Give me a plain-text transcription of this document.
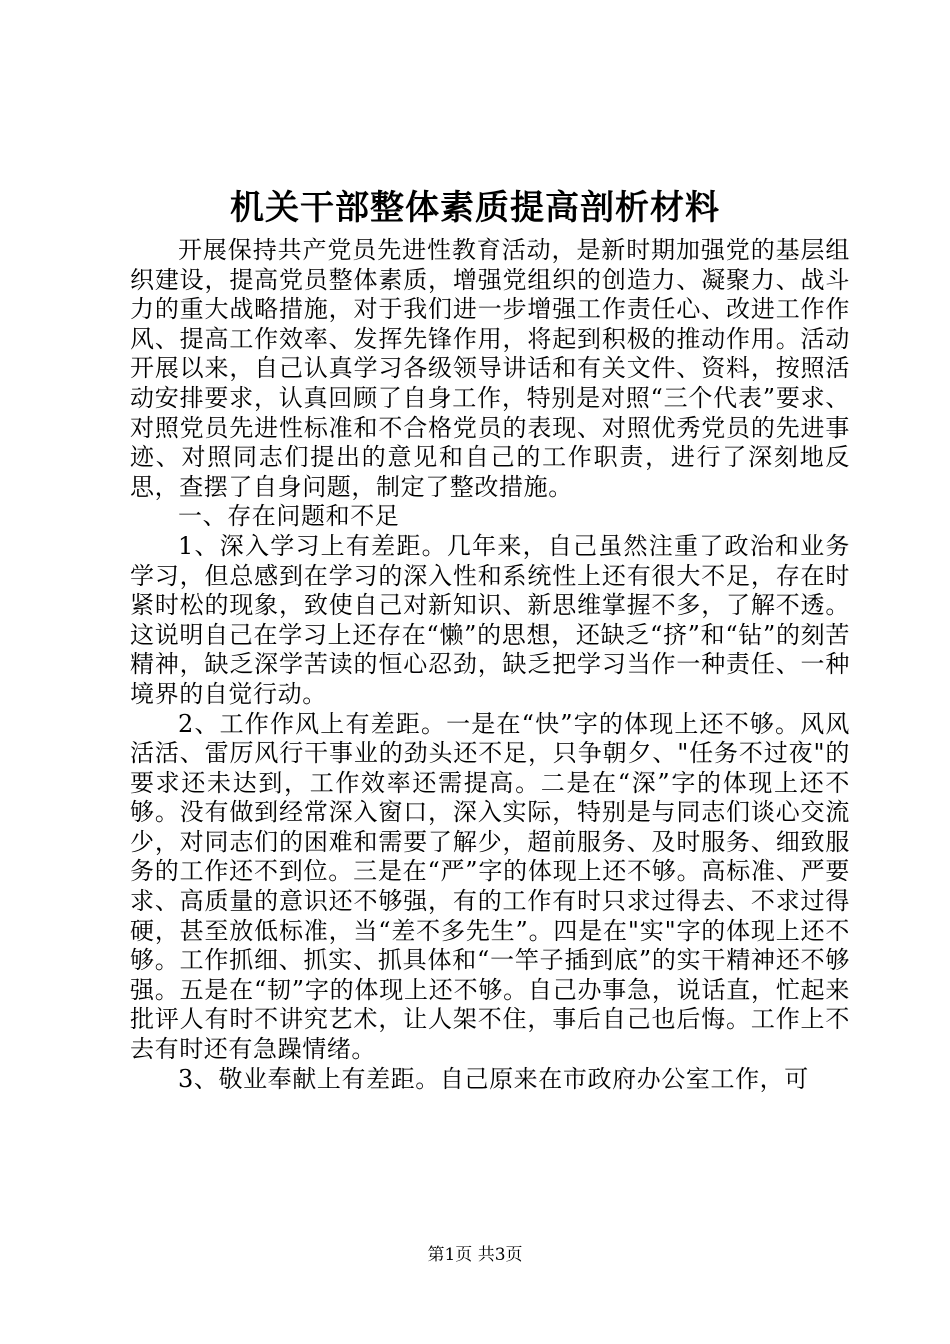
机关干部整体素质提高剖析材料

开展保持共产党员先进性教育活动，是新时期加强党的基层组织建设，提高党员整体素质，增强党组织的创造力、凝聚力、战斗力的重大战略措施，对于我们进一步增强工作责任心、改进工作作风、提高工作效率、发挥先锋作用，将起到积极的推动作用。活动开展以来，自己认真学习各级领导讲话和有关文件、资料，按照活动安排要求，认真回顾了自身工作，特别是对照“三个代表”要求、对照党员先进性标准和不合格党员的表现、对照优秀党员的先进事迹、对照同志们提出的意见和自己的工作职责，进行了深刻地反思，查摆了自身问题，制定了整改措施。

一、存在问题和不足

1、深入学习上有差距。几年来，自己虽然注重了政治和业务学习，但总感到在学习的深入性和系统性上还有很大不足，存在时紧时松的现象，致使自己对新知识、新思维掌握不多，了解不透。这说明自己在学习上还存在“懒”的思想，还缺乏“挤”和“钻”的刻苦精神，缺乏深学苦读的恒心忍劲，缺乏把学习当作一种责任、一种境界的自觉行动。

2、工作作风上有差距。一是在“快”字的体现上还不够。风风活活、雷厉风行干事业的劲头还不足，只争朝夕、"任务不过夜"的要求还未达到，工作效率还需提高。二是在“深”字的体现上还不够。没有做到经常深入窗口，深入实际，特别是与同志们谈心交流少，对同志们的困难和需要了解少，超前服务、及时服务、细致服务的工作还不到位。三是在“严”字的体现上还不够。高标准、严要求、高质量的意识还不够强，有的工作有时只求过得去、不求过得硬，甚至放低标准，当“差不多先生”。四是在"实"字的体现上还不够。工作抓细、抓实、抓具体和“一竿子插到底”的实干精神还不够强。五是在“韧”字的体现上还不够。自己办事急，说话直，忙起来批评人有时不讲究艺术，让人架不住，事后自己也后悔。工作上不去有时还有急躁情绪。

3、敬业奉献上有差距。自己原来在市政府办公室工作，可

第1页 共3页
